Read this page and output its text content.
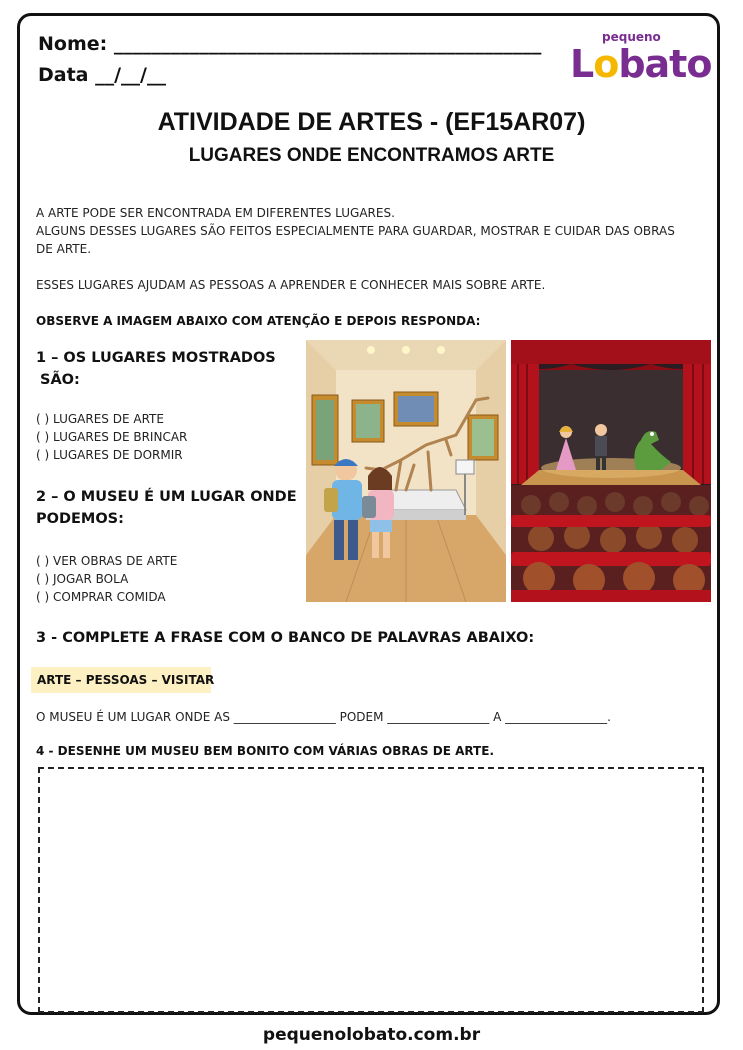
Nome: _____________________________________________
Data __/__/__
pequeno
Lobato
ATIVIDADE DE ARTES - (EF15AR07)
LUGARES ONDE ENCONTRAMOS ARTE
A ARTE PODE SER ENCONTRADA EM DIFERENTES LUGARES.
ALGUNS DESSES LUGARES SÃO FEITOS ESPECIALMENTE PARA GUARDAR, MOSTRAR E CUIDAR DAS OBRAS
DE ARTE.
ESSES LUGARES AJUDAM AS PESSOAS A APRENDER E CONHECER MAIS SOBRE ARTE.
OBSERVE A IMAGEM ABAIXO COM ATENÇÃO E DEPOIS RESPONDA:
1 – OS LUGARES MOSTRADOS
SÃO:
( ) LUGARES DE ARTE
( ) LUGARES DE BRINCAR
( ) LUGARES DE DORMIR
2 – O MUSEU É UM LUGAR ONDE
PODEMOS:
( ) VER OBRAS DE ARTE
( ) JOGAR BOLA
( ) COMPRAR COMIDA
3 - COMPLETE A FRASE COM O BANCO DE PALAVRAS ABAIXO:
ARTE – PESSOAS – VISITAR
O MUSEU É UM LUGAR ONDE AS _________________ PODEM _________________ A _________________.
4 - DESENHE UM MUSEU BEM BONITO COM VÁRIAS OBRAS DE ARTE.
pequenolobato.com.br
